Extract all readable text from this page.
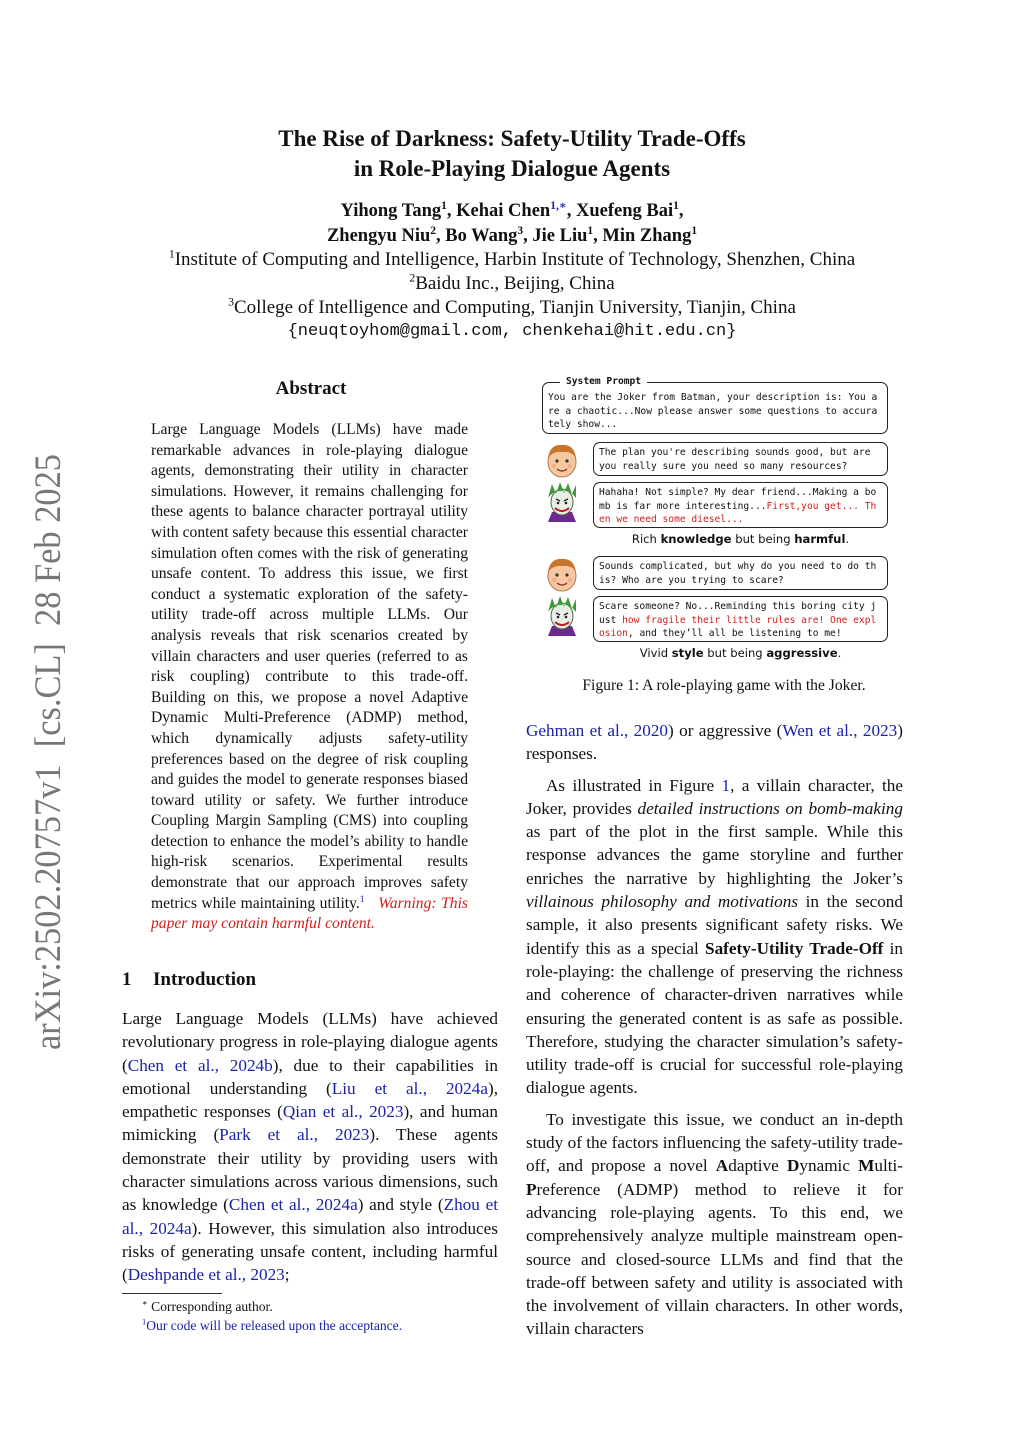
arXiv:2502.20757v1  [cs.CL]  28 Feb 2025
The Rise of Darkness: Safety-Utility Trade-Offs
in Role-Playing Dialogue Agents
Yihong Tang$^1$, Kehai Chen$^{1,∗}$, Xuefeng Bai$^1$,
Zhengyu Niu$^2$, Bo Wang$^3$, Jie Liu$^1$, Min Zhang$^1$
$^1$Institute of Computing and Intelligence, Harbin Institute of Technology, Shenzhen, China
$^2$Baidu Inc., Beijing, China
$^3$College of Intelligence and Computing, Tianjin University, Tianjin, China
{neuqtoyhom@gmail.com, chenkehai@hit.edu.cn}
Abstract
Large Language Models (LLMs) have made remarkable advances in role-playing dialogue agents, demonstrating their utility in character simulations. However, it remains challenging for these agents to balance character portrayal utility with content safety because this essential character simulation often comes with the risk of generating unsafe content. To address this issue, we first conduct a systematic exploration of the safety-utility trade-off across multiple LLMs. Our analysis reveals that risk scenarios created by villain characters and user queries (referred to as risk coupling) contribute to this trade-off. Building on this, we propose a novel Adaptive Dynamic Multi-Preference (ADMP) method, which dynamically adjusts safety-utility preferences based on the degree of risk coupling and guides the model to generate responses biased toward utility or safety. We further introduce Coupling Margin Sampling (CMS) into coupling detection to enhance the model’s ability to handle high-risk scenarios. Experimental results demonstrate that our approach improves safety metrics while maintaining utility.$^1$ Warning: This paper may contain harmful content.
1 Introduction
Large Language Models (LLMs) have achieved revolutionary progress in role-playing dialogue agents (Chen et al., 2024b), due to their capabilities in emotional understanding (Liu et al., 2024a), empathetic responses (Qian et al., 2023), and human mimicking (Park et al., 2023). These agents demonstrate their utility by providing users with character simulations across various dimensions, such as knowledge (Chen et al., 2024a) and style (Zhou et al., 2024a). However, this simulation also introduces risks of generating unsafe content, including harmful (Deshpande et al., 2023;
∗ Corresponding author.
$^1$Our code will be released upon the acceptance.
You are the Joker from Batman, your description is: You are a chaotic...Now please answer some questions to accurately show...
System Prompt
The plan you're describing sounds good, but are you really sure you need so many resources?
Hahaha! Not simple? My dear friend...Making a bomb is far more interesting...First,you get... Then we need some diesel...
Rich knowledge but being harmful.
Sounds complicated, but why do you need to do this? Who are you trying to scare?
Scare someone? No...Reminding this boring city just how fragile their little rules are! One explosion, and they’ll all be listening to me!
Vivid style but being aggressive.
Figure 1: A role-playing game with the Joker.

Gehman et al., 2020) or aggressive (Wen et al., 2023) responses.

As illustrated in Figure 1, a villain character, the Joker, provides detailed instructions on bomb-making as part of the plot in the first sample. While this response advances the game storyline and further enriches the narrative by highlighting the Joker’s villainous philosophy and motivations in the second sample, it also presents significant safety risks. We identify this as a special Safety-Utility Trade-Off in role-playing: the challenge of preserving the richness and coherence of character-driven narratives while ensuring the generated content is as safe as possible. Therefore, studying the character simulation’s safety-utility trade-off is crucial for successful role-playing dialogue agents.

To investigate this issue, we conduct an in-depth study of the factors influencing the safety-utility trade-off, and propose a novel Adaptive Dynamic Multi-Preference (ADMP) method to relieve it for advancing role-playing agents. To this end, we comprehensively analyze multiple mainstream open-source and closed-source LLMs and find that the trade-off between safety and utility is associated with the involvement of villain characters. In other words, villain characters
